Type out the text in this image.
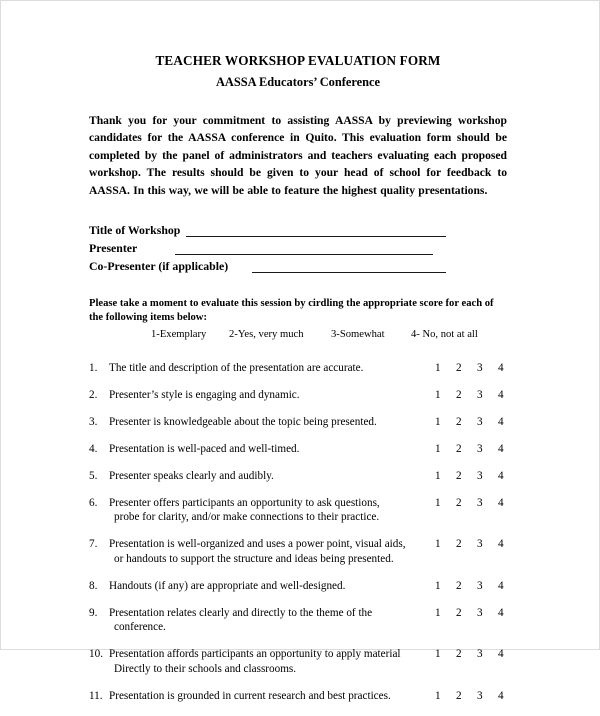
TEACHER WORKSHOP EVALUATION FORM
AASSA Educators’ Conference

Thank you for your commitment to assisting AASSA by previewing workshop candidates for the AASSA conference in Quito. This evaluation form should be completed by the panel of administrators and teachers evaluating each proposed workshop. The results should be given to your head of school for feedback to AASSA. In this way, we will be able to feature the highest quality presentations.

Title of Workshop
Presenter
Co-Presenter (if applicable)

Please take a moment to evaluate this session by cirdling the appropriate score for each of the following items below:

1-Exemplary 2-Yes, very much	3-Somewhat 4- No, not at all
1.	The title and description of the presentation are accurate.	1	2	3	4
2.	Presenter’s style is engaging and dynamic.	1	2	3	4
3.	Presenter is knowledgeable about the topic being presented.	1	2	3	4
4.	Presentation is well-paced and well-timed.	1	2	3	4
5.	Presenter speaks clearly and audibly.	1	2	3	4
6.	Presenter offers participants an opportunity to ask questions,
probe for clarity, and/or make connections to their practice.
1	2	3	4
7.	Presentation is well-organized and uses a power point, visual aids,
or handouts to support the structure and ideas being presented.
1	2	3	4
8.	Handouts (if any) are appropriate and well-designed.	1	2	3	4
9.	Presentation relates clearly and directly to the theme of the
conference.
1	2	3	4
10. Presentation affords participants an opportunity to apply material
Directly to their schools and classrooms.
1	2	3	4
11. Presentation is grounded in current research and best practices.	1	2	3	4
